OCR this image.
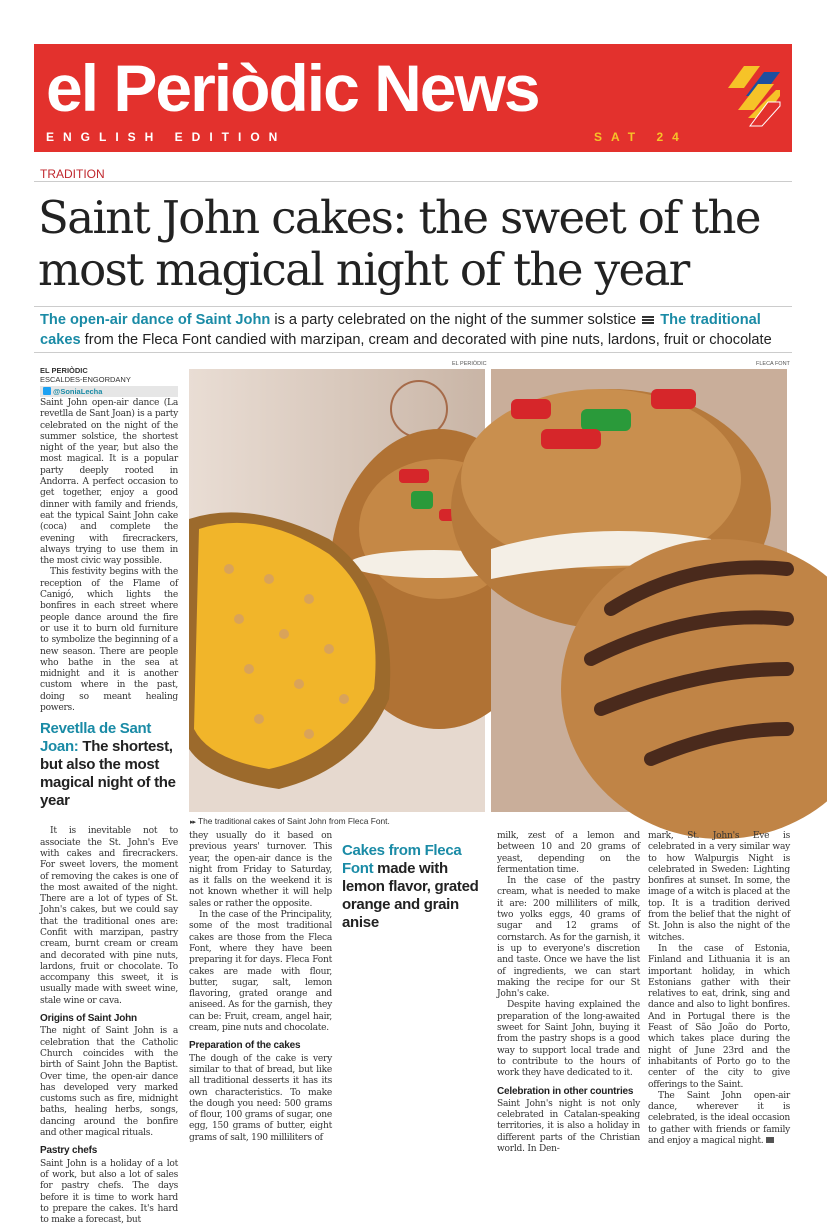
el Periòdic News
ENGLISH EDITION	SAT 24
TRADITION
Saint John cakes: the sweet of the most magical night of the year
The open-air dance of Saint John is a party celebrated on the night of the summer solstice The traditional cakes from the Fleca Font candied with marzipan, cream and decorated with pine nuts, lardons, fruit or chocolate
EL PERIÒDIC
ESCALDES-ENGORDANY
@SoniaLecha
EL PERIÒDIC	FLECA FONT
▸▸ The traditional cakes of Saint John from Fleca Font.

Saint John open-air dance (La revetlla de Sant Joan) is a party celebrated on the night of the summer solstice, the shortest night of the year, but also the most magical. It is a popular party deeply rooted in Andorra. A perfect occasion to get together, enjoy a good dinner with family and friends, eat the typical Saint John cake (coca) and complete the evening with firecrackers, always trying to use them in the most civic way possible.

This festivity begins with the reception of the Flame of Canigó, which lights the bonfires in each street where people dance around the fire or use it to burn old furniture to symbolize the beginning of a new season. There are people who bathe in the sea at midnight and it is another custom where in the past, doing so meant healing powers.

Revetlla de Sant Joan: The shortest, but also the most magical night of the year

It is inevitable not to associate the St. John's Eve with cakes and firecrackers. For sweet lovers, the moment of removing the cakes is one of the most awaited of the night. There are a lot of types of St. John's cakes, but we could say that the traditional ones are: Confit with marzipan, pastry cream, burnt cream or cream and decorated with pine nuts, lardons, fruit or chocolate. To accompany this sweet, it is usually made with sweet wine, stale wine or cava.

Origins of Saint John

The night of Saint John is a celebration that the Catholic Church coincides with the birth of Saint John the Baptist. Over time, the open-air dance has developed very marked customs such as fire, midnight baths, healing herbs, songs, dancing around the bonfire and other magical rituals.

Pastry chefs

Saint John is a holiday of a lot of work, but also a lot of sales for pastry chefs. The days before it is time to work hard to prepare the cakes. It's hard to make a forecast, but

they usually do it based on previous years' turnover. This year, the open-air dance is the night from Friday to Saturday, as it falls on the weekend it is not known whether it will help sales or rather the opposite.

In the case of the Principality, some of the most traditional cakes are those from the Fleca Font, where they have been preparing it for days. Fleca Font cakes are made with flour, butter, sugar, salt, lemon flavoring, grated orange and aniseed. As for the garnish, they can be: Fruit, cream, angel hair, cream, pine nuts and chocolate.

Preparation of the cakes

The dough of the cake is very similar to that of bread, but like all traditional desserts it has its own characteristics. To make the dough you need: 500 grams of flour, 100 grams of sugar, one egg, 150 grams of butter, eight grams of salt, 190 milliliters of

Cakes from Fleca Font made with lemon flavor, grated orange and grain anise

milk, zest of a lemon and between 10 and 20 grams of yeast, depending on the fermentation time.

In the case of the pastry cream, what is needed to make it are: 200 milliliters of milk, two yolks eggs, 40 grams of sugar and 12 grams of cornstarch. As for the garnish, it is up to everyone's discretion and taste. Once we have the list of ingredients, we can start making the recipe for our St John's cake.

Despite having explained the preparation of the long-awaited sweet for Saint John, buying it from the pastry shops is a good way to support local trade and to contribute to the hours of work they have dedicated to it.

Celebration in other countries

Saint John's night is not only celebrated in Catalan-speaking territories, it is also a holiday in different parts of the Christian world. In Den-

mark, St. John's Eve is celebrated in a very similar way to how Walpurgis Night is celebrated in Sweden: Lighting bonfires at sunset. In some, the image of a witch is placed at the top. It is a tradition derived from the belief that the night of St. John is also the night of the witches.

In the case of Estonia, Finland and Lithuania it is an important holiday, in which Estonians gather with their relatives to eat, drink, sing and dance and also to light bonfires. And in Portugal there is the Feast of São João do Porto, which takes place during the night of June 23rd and the inhabitants of Porto go to the center of the city to give offerings to the Saint.

The Saint John open-air dance, wherever it is celebrated, is the ideal occasion to gather with friends or family and enjoy a magical night.
